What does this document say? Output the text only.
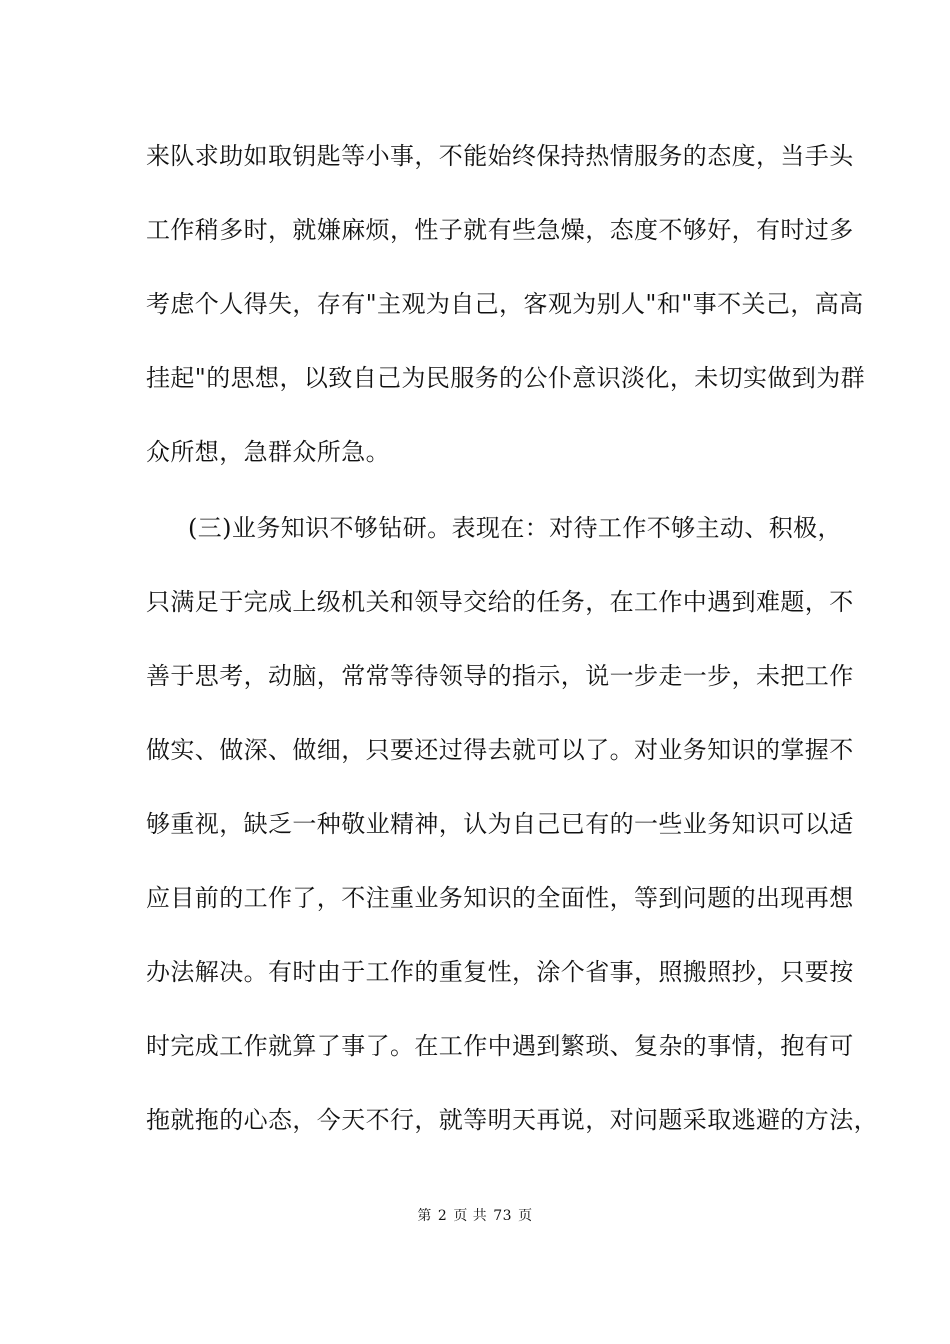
来队求助如取钥匙等小事，不能始终保持热情服务的态度，当手头
工作稍多时，就嫌麻烦，性子就有些急燥，态度不够好，有时过多
考虑个人得失，存有"主观为自己，客观为别人"和"事不关己，高高
挂起"的思想，以致自己为民服务的公仆意识淡化，未切实做到为群
众所想，急群众所急。
(三)业务知识不够钻研。表现在：对待工作不够主动、积极，
只满足于完成上级机关和领导交给的任务，在工作中遇到难题，不
善于思考，动脑，常常等待领导的指示，说一步走一步，未把工作
做实、做深、做细，只要还过得去就可以了。对业务知识的掌握不
够重视，缺乏一种敬业精神，认为自己已有的一些业务知识可以适
应目前的工作了，不注重业务知识的全面性，等到问题的出现再想
办法解决。有时由于工作的重复性，涂个省事，照搬照抄，只要按
时完成工作就算了事了。在工作中遇到繁琐、复杂的事情，抱有可
拖就拖的心态，今天不行，就等明天再说，对问题采取逃避的方法，
第 2 页 共 73 页
